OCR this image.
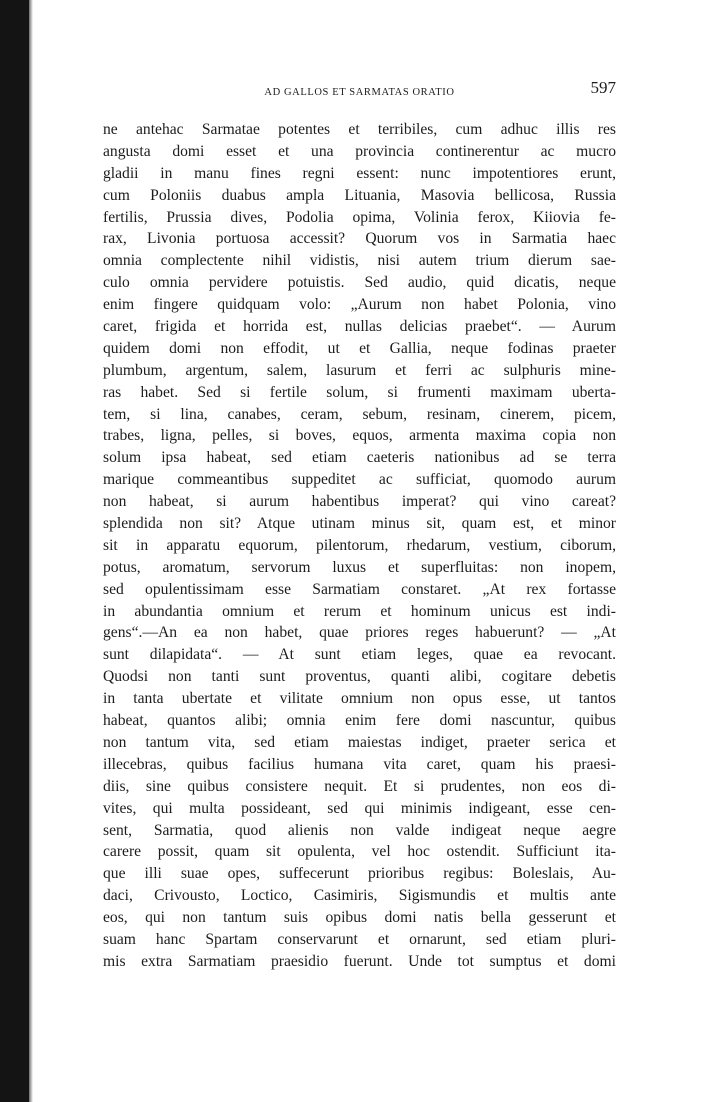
AD GALLOS ET SARMATAS ORATIO	597
ne antehac Sarmatae potentes et terribiles, cum adhuc illis res
angusta domi esset et una provincia continerentur ac mucro
gladii in manu fines regni essent: nunc impotentiores erunt,
cum Poloniis duabus ampla Lituania, Masovia bellicosa, Russia
fertilis, Prussia dives, Podolia opima, Volinia ferox, Kiiovia fe-
rax, Livonia portuosa accessit? Quorum vos in Sarmatia haec
omnia complectente nihil vidistis, nisi autem trium dierum sae-
culo omnia pervidere potuistis. Sed audio, quid dicatis, neque
enim fingere quidquam volo: „Aurum non habet Polonia, vino
caret, frigida et horrida est, nullas delicias praebet“. — Aurum
quidem domi non effodit, ut et Gallia, neque fodinas praeter
plumbum, argentum, salem, lasurum et ferri ac sulphuris mine-
ras habet. Sed si fertile solum, si frumenti maximam uberta-
tem, si lina, canabes, ceram, sebum, resinam, cinerem, picem,
trabes, ligna, pelles, si boves, equos, armenta maxima copia non
solum ipsa habeat, sed etiam caeteris nationibus ad se terra
marique commeantibus suppeditet ac sufficiat, quomodo aurum
non habeat, si aurum habentibus imperat? qui vino careat?
splendida non sit? Atque utinam minus sit, quam est, et minor
sit in apparatu equorum, pilentorum, rhedarum, vestium, ciborum,
potus, aromatum, servorum luxus et superfluitas: non inopem,
sed opulentissimam esse Sarmatiam constaret. „At rex fortasse
in abundantia omnium et rerum et hominum unicus est indi-
gens“.—An ea non habet, quae priores reges habuerunt? — „At
sunt dilapidata“. — At sunt etiam leges, quae ea revocant.
Quodsi non tanti sunt proventus, quanti alibi, cogitare debetis
in tanta ubertate et vilitate omnium non opus esse, ut tantos
habeat, quantos alibi; omnia enim fere domi nascuntur, quibus
non tantum vita, sed etiam maiestas indiget, praeter serica et
illecebras, quibus facilius humana vita caret, quam his praesi-
diis, sine quibus consistere nequit. Et si prudentes, non eos di-
vites, qui multa possideant, sed qui minimis indigeant, esse cen-
sent, Sarmatia, quod alienis non valde indigeat neque aegre
carere possit, quam sit opulenta, vel hoc ostendit. Sufficiunt ita-
que illi suae opes, suffecerunt prioribus regibus: Boleslais, Au-
daci, Crivousto, Loctico, Casimiris, Sigismundis et multis ante
eos, qui non tantum suis opibus domi natis bella gesserunt et
suam hanc Spartam conservarunt et ornarunt, sed etiam pluri-
mis extra Sarmatiam praesidio fuerunt. Unde tot sumptus et domi
